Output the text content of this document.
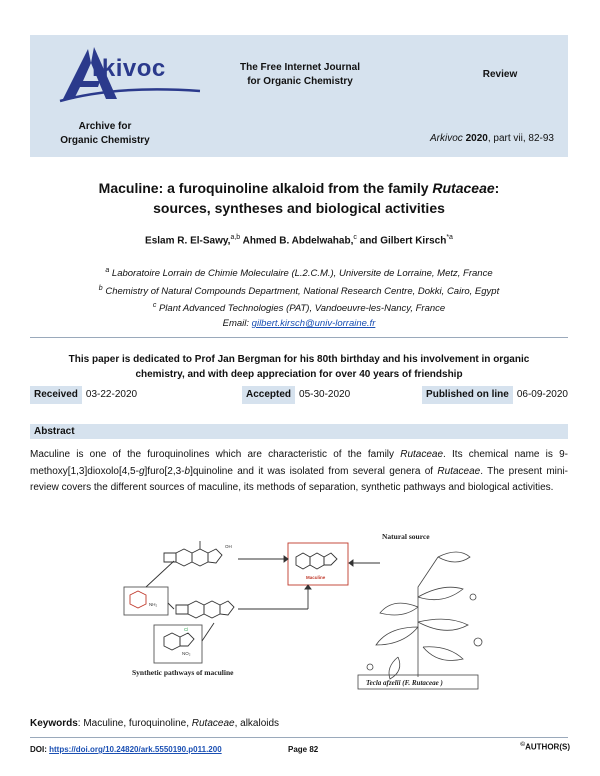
rkivoc
Archive for
Organic Chemistry
The Free Internet Journal
for Organic Chemistry
Review
Arkivoc 2020, part vii, 82-93
Maculine: a furoquinoline alkaloid from the family Rutaceae:
sources, syntheses and biological activities
Eslam R. El-Sawy,$^{a,b}$ Ahmed B. Abdelwahab,$^c$ and Gilbert Kirsch$^{*a}$
$^a$ Laboratoire Lorrain de Chimie Moleculaire (L.2.C.M.), Universite de Lorraine, Metz, France
$^b$ Chemistry of Natural Compounds Department, National Research Centre, Dokki, Cairo, Egypt
$^c$ Plant Advanced Technologies (PAT), Vandoeuvre-les-Nancy, France
Email: gilbert.kirsch@univ-lorraine.fr
This paper is dedicated to Prof Jan Bergman for his 80th birthday and his involvement in organic chemistry, and with deep appreciation for over 40 years of friendship
Received 03-22-2020	Accepted 05-30-2020	Published on line 06-09-2020
Abstract
Maculine is one of the furoquinolines which are characteristic of the family Rutaceae. Its chemical name is 9-methoxy[1,3]dioxolo[4,5-g]furo[2,3-b]quinoline and it was isolated from several genera of Rutaceae. The present mini-review covers the different sources of maculine, its methods of separation, synthetic pathways and biological activities.
Natural source
Maculine
Synthetic pathways of maculine
OH
NH₂
Cl
NO₂
Tecla afzelii (F. Rutaceae )
Keywords: Maculine, furoquinoline, Rutaceae, alkaloids
DOI: https://doi.org/10.24820/ark.5550190.p011.200	Page 82
©AUTHOR(S)
